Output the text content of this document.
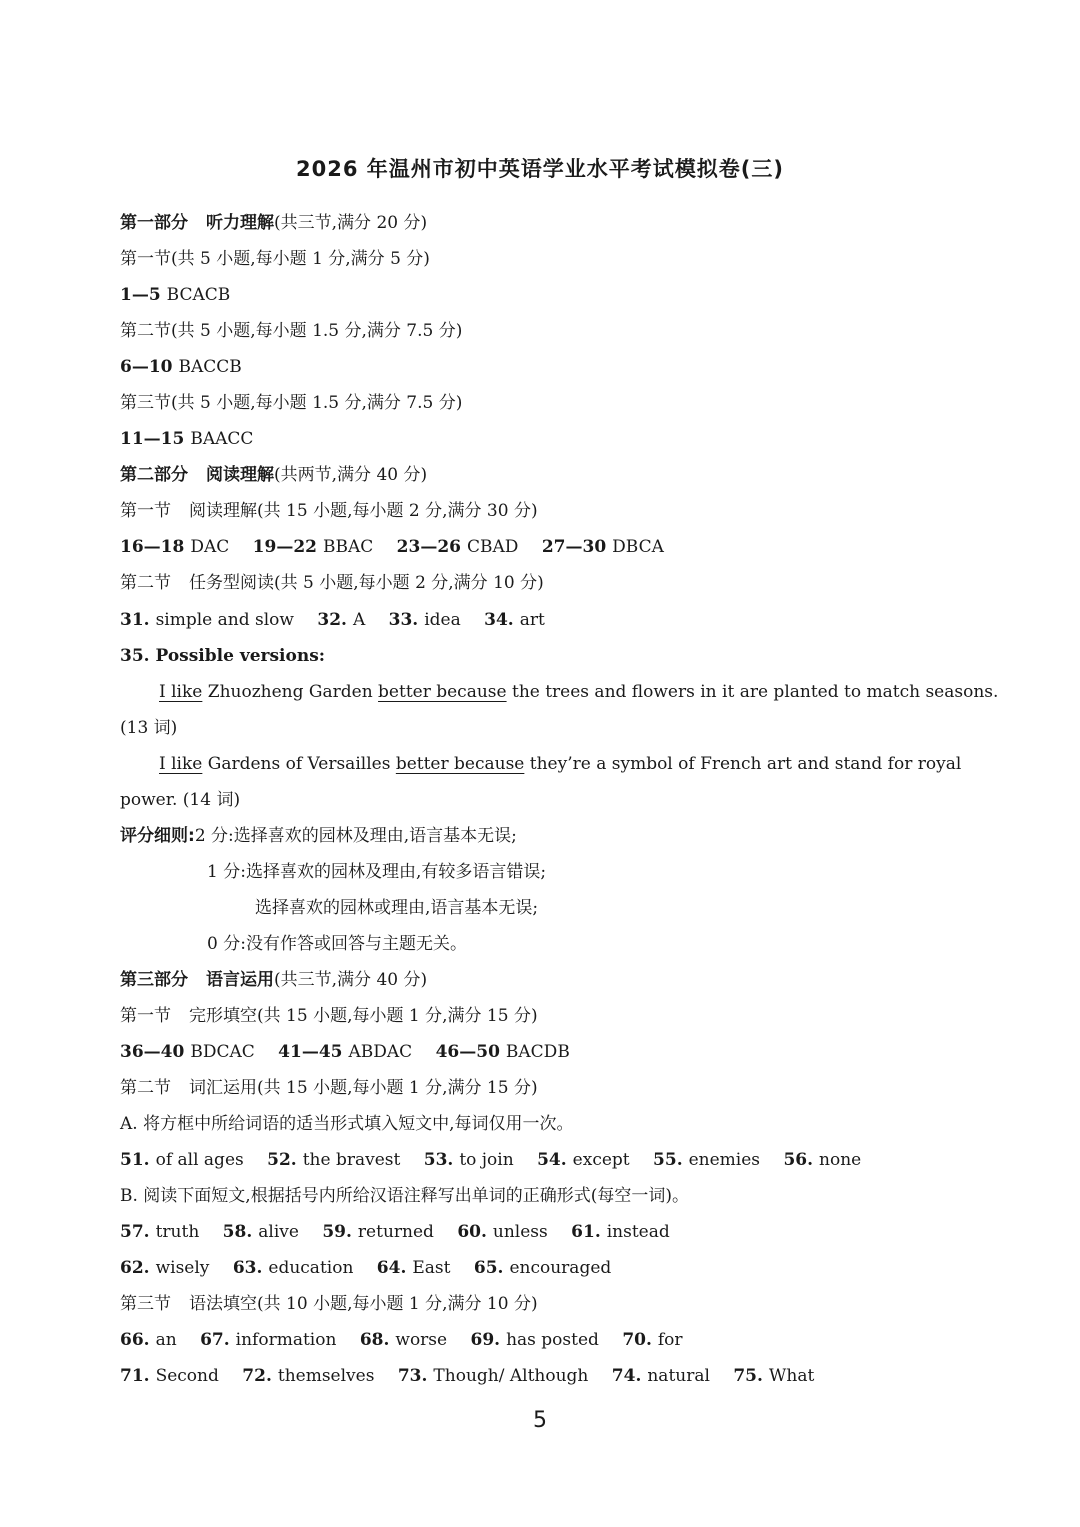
2026 年温州市初中英语学业水平考试模拟卷(三)
第一部分 听力理解(共三节,满分 20 分)
第一节(共 5 小题,每小题 1 分,满分 5 分)
1—5 BCACB
第二节(共 5 小题,每小题 1.5 分,满分 7.5 分)
6—10 BACCB
第三节(共 5 小题,每小题 1.5 分,满分 7.5 分)
11—15 BAACC
第二部分 阅读理解(共两节,满分 40 分)
第一节 阅读理解(共 15 小题,每小题 2 分,满分 30 分)
16—18 DAC 19—22 BBAC 23—26 CBAD 27—30 DBCA
第二节 任务型阅读(共 5 小题,每小题 2 分,满分 10 分)
31. simple and slow 32. A 33. idea 34. art
35. Possible versions:
I like Zhuozheng Garden better because the trees and flowers in it are planted to match seasons.
(13 词)
I like Gardens of Versailles better because they’re a symbol of French art and stand for royal
power. (14 词)
评分细则:2 分:选择喜欢的园林及理由,语言基本无误;
1 分:选择喜欢的园林及理由,有较多语言错误;
选择喜欢的园林或理由,语言基本无误;
0 分:没有作答或回答与主题无关。
第三部分 语言运用(共三节,满分 40 分)
第一节 完形填空(共 15 小题,每小题 1 分,满分 15 分)
36—40 BDCAC 41—45 ABDAC 46—50 BACDB
第二节 词汇运用(共 15 小题,每小题 1 分,满分 15 分)
A. 将方框中所给词语的适当形式填入短文中,每词仅用一次。
51. of all ages 52. the bravest 53. to join 54. except 55. enemies 56. none
B. 阅读下面短文,根据括号内所给汉语注释写出单词的正确形式(每空一词)。
57. truth 58. alive 59. returned 60. unless 61. instead
62. wisely 63. education 64. East 65. encouraged
第三节 语法填空(共 10 小题,每小题 1 分,满分 10 分)
66. an 67. information 68. worse 69. has posted 70. for
71. Second 72. themselves 73. Though/ Although 74. natural 75. What
5
